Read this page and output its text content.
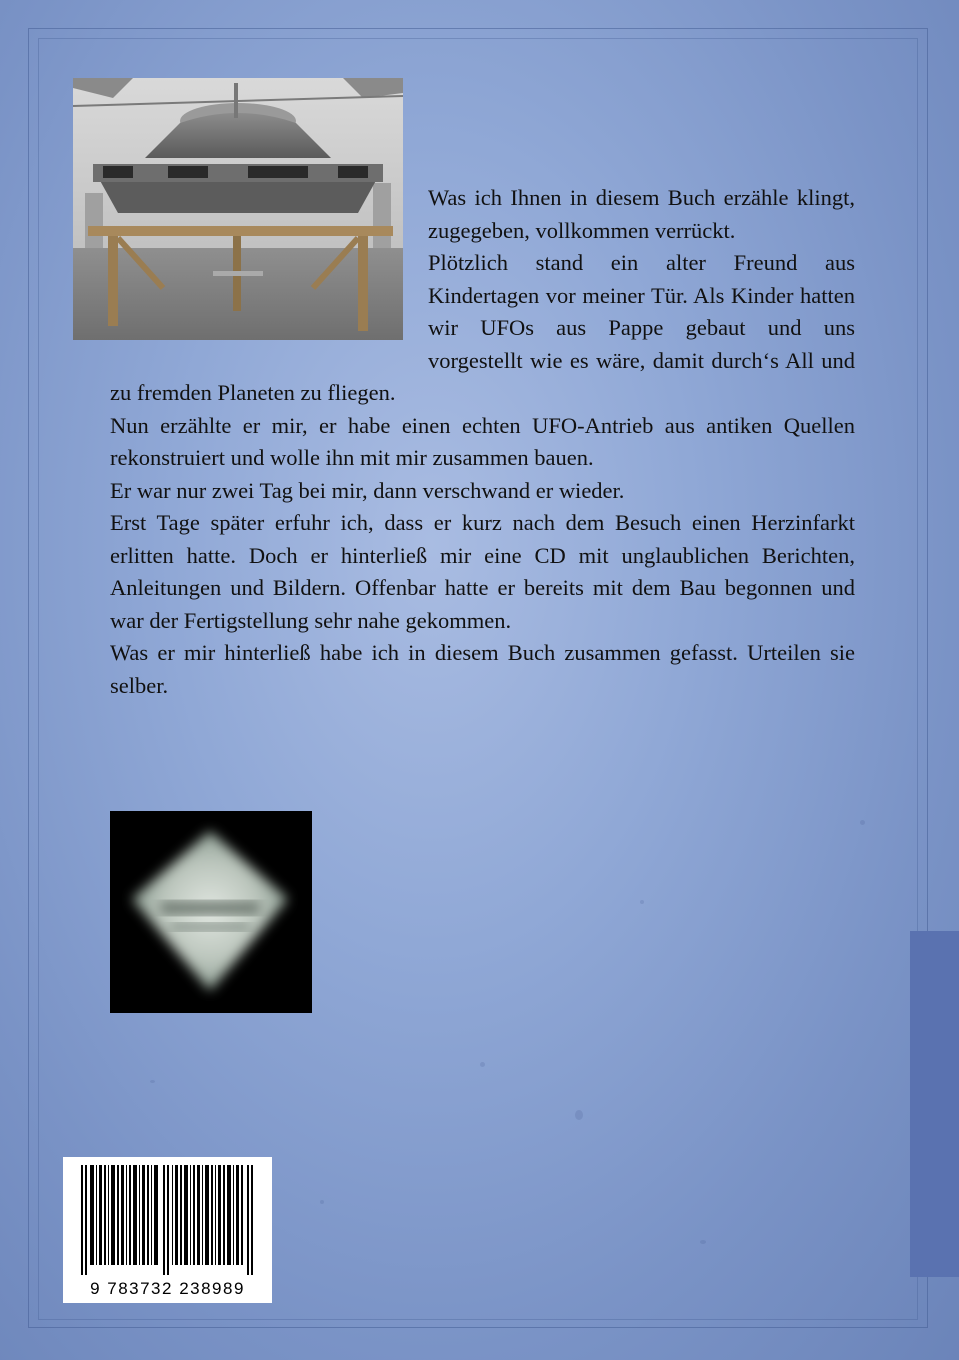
Was ich Ihnen in diesem Buch erzähle klingt, zugegeben, vollkommen verrückt.

Plötzlich stand ein alter Freund aus Kindertagen vor meiner Tür. Als Kinder hatten wir UFOs aus Pappe gebaut und uns vorgestellt wie es wäre, damit durch‘s All und zu fremden Planeten zu fliegen.

Nun erzählte er mir, er habe einen echten UFO-Antrieb aus antiken Quellen rekonstruiert und wolle ihn mit mir zusammen bauen.

Er war nur zwei Tag bei mir, dann verschwand er wieder.

Erst Tage später erfuhr ich, dass er kurz nach dem Besuch einen Herzinfarkt erlitten hatte. Doch er hinterließ mir eine CD mit unglaublichen Berichten, Anleitungen und Bildern. Offenbar hatte er bereits mit dem Bau begonnen und war der Fertigstellung sehr nahe gekommen.

Was er mir hinterließ habe ich in diesem Buch zusammen gefasst. Urteilen sie selber.

9 783732 238989
